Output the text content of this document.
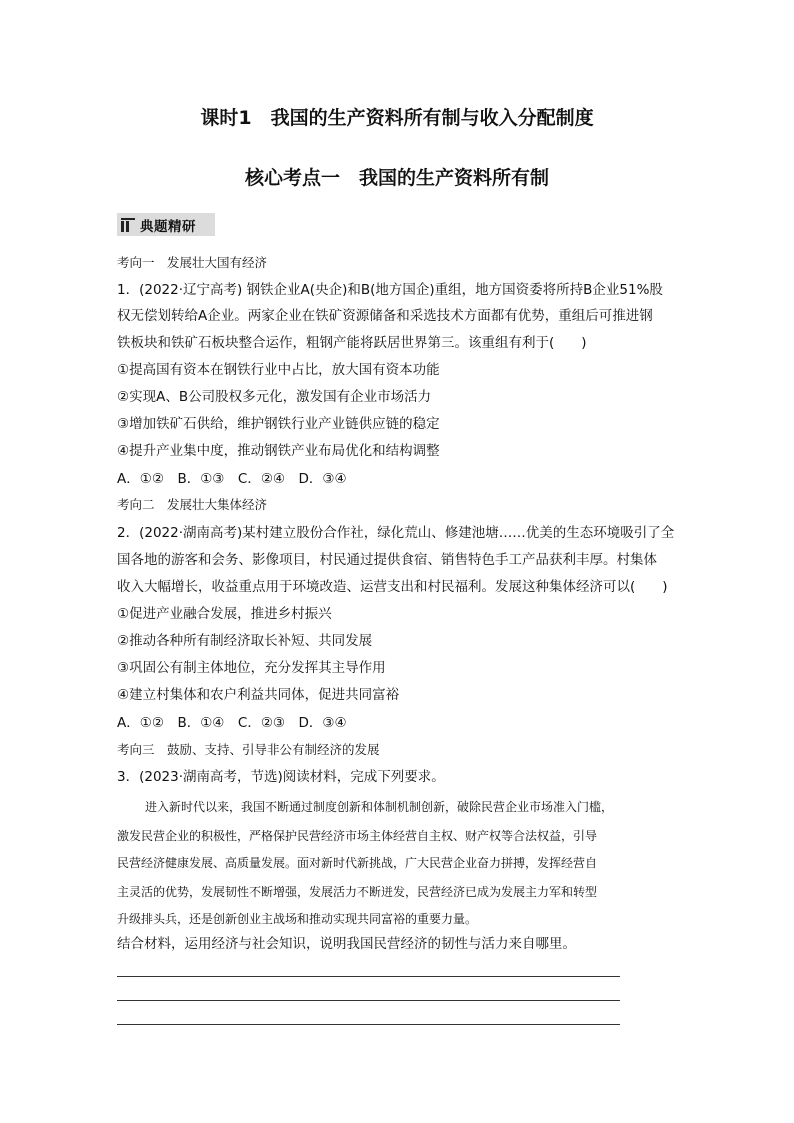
课时1　我国的生产资料所有制与收入分配制度
核心考点一　我国的生产资料所有制
典题精研

考向一　发展壮大国有经济

1．(2022·辽宁高考) 钢铁企业A(央企)和B(地方国企)重组，地方国资委将所持B企业51%股

权无偿划转给A企业。两家企业在铁矿资源储备和采选技术方面都有优势，重组后可推进钢

铁板块和铁矿石板块整合运作，粗钢产能将跃居世界第三。该重组有利于(　　)

①提高国有资本在钢铁行业中占比，放大国有资本功能

②实现A、B公司股权多元化，激发国有企业市场活力

③增加铁矿石供给，维护钢铁行业产业链供应链的稳定

④提升产业集中度，推动钢铁产业布局优化和结构调整

A．①②　B．①③　C．②④　D．③④

考向二　发展壮大集体经济

2．(2022·湖南高考)某村建立股份合作社，绿化荒山、修建池塘……优美的生态环境吸引了全

国各地的游客和会务、影像项目，村民通过提供食宿、销售特色手工产品获利丰厚。村集体

收入大幅增长，收益重点用于环境改造、运营支出和村民福利。发展这种集体经济可以(　　)

①促进产业融合发展，推进乡村振兴

②推动各种所有制经济取长补短、共同发展

③巩固公有制主体地位，充分发挥其主导作用

④建立村集体和农户利益共同体，促进共同富裕

A．①②　B．①④　C．②③　D．③④

考向三　鼓励、支持、引导非公有制经济的发展

3．(2023·湖南高考，节选)阅读材料，完成下列要求。

进入新时代以来，我国不断通过制度创新和体制机制创新，破除民营企业市场准入门槛，

激发民营企业的积极性，严格保护民营经济市场主体经营自主权、财产权等合法权益，引导

民营经济健康发展、高质量发展。面对新时代新挑战，广大民营企业奋力拼搏，发挥经营自

主灵活的优势，发展韧性不断增强，发展活力不断迸发，民营经济已成为发展主力军和转型

升级排头兵，还是创新创业主战场和推动实现共同富裕的重要力量。

结合材料，运用经济与社会知识，说明我国民营经济的韧性与活力来自哪里。
